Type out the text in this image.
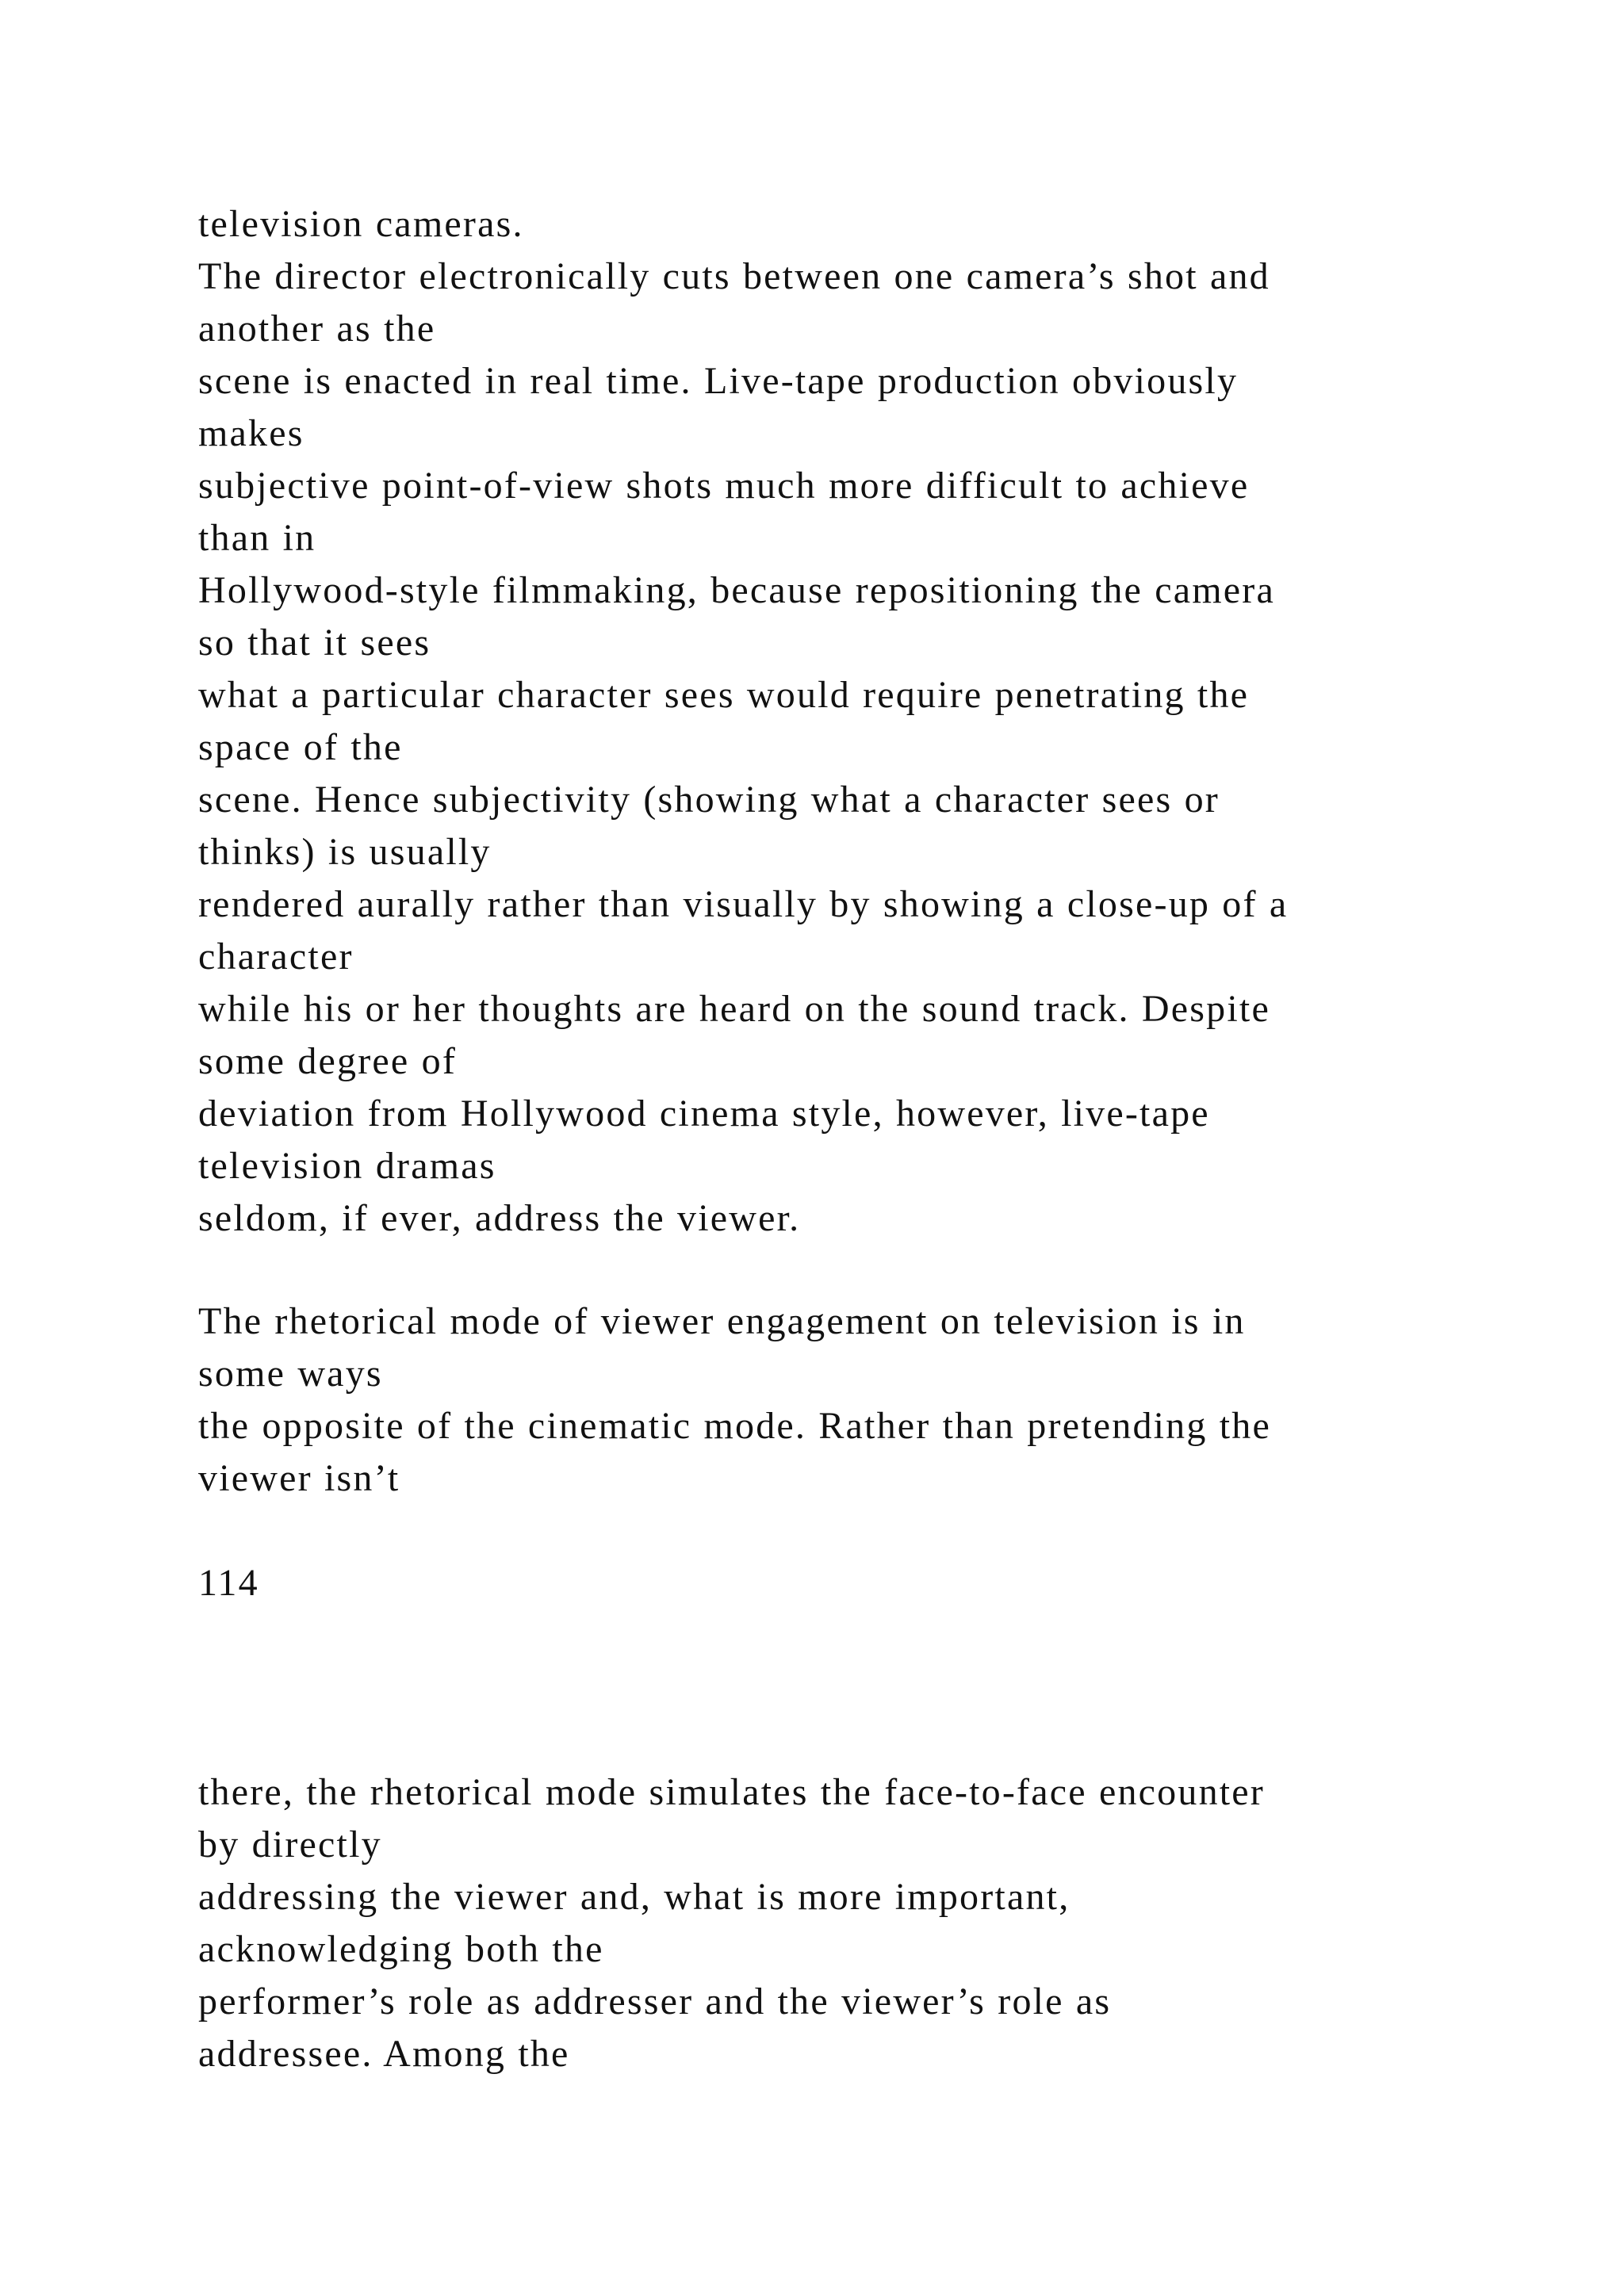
television cameras.
The director electronically cuts between one camera’s shot and
another as the
scene is enacted in real time. Live-tape production obviously
makes
subjective point-of-view shots much more difficult to achieve
than in
Hollywood-style filmmaking, because repositioning the camera
so that it sees
what a particular character sees would require penetrating the
space of the
scene. Hence subjectivity (showing what a character sees or
thinks) is usually
rendered aurally rather than visually by showing a close-up of a
character
while his or her thoughts are heard on the sound track. Despite
some degree of
deviation from Hollywood cinema style, however, live-tape
television dramas
seldom, if ever, address the viewer.
The rhetorical mode of viewer engagement on television is in
some ways
the opposite of the cinematic mode. Rather than pretending the
viewer isn’t
114
there, the rhetorical mode simulates the face-to-face encounter
by directly
addressing the viewer and, what is more important,
acknowledging both the
performer’s role as addresser and the viewer’s role as
addressee. Among the
